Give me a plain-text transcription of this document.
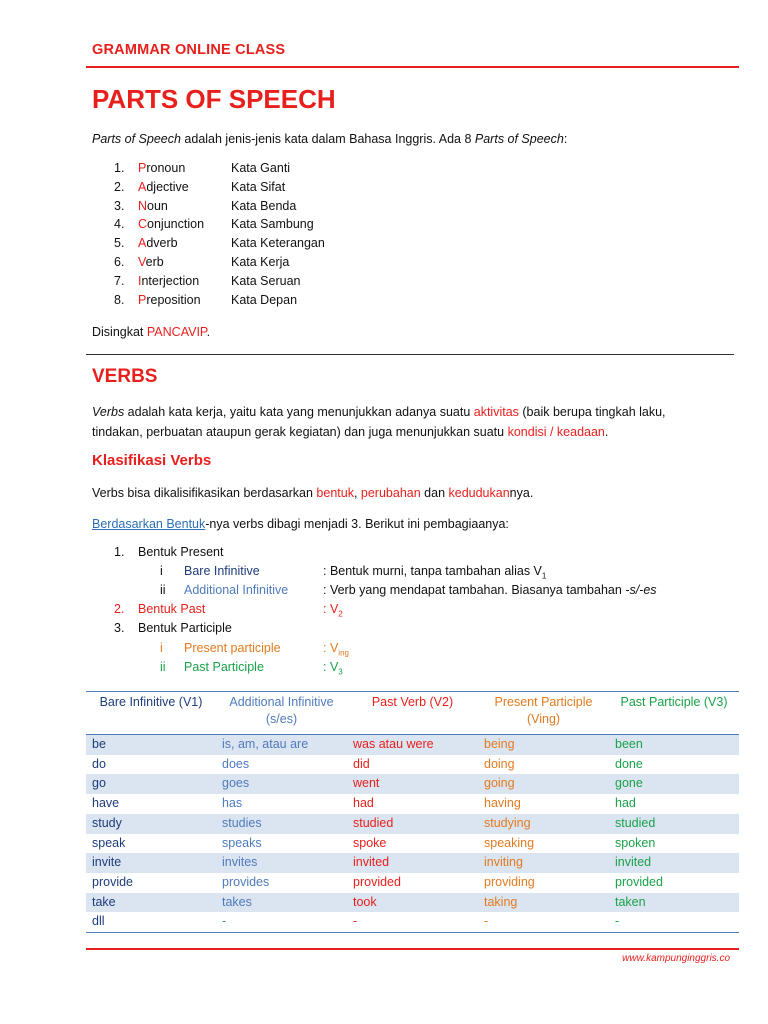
GRAMMAR ONLINE CLASS
PARTS OF SPEECH
Parts of Speech adalah jenis-jenis kata dalam Bahasa Inggris. Ada 8 Parts of Speech:
1.	Pronoun	Kata Ganti
2.	Adjective	Kata Sifat
3.	Noun	Kata Benda
4.	Conjunction Kata Sambung
5.	Adverb	Kata Keterangan
6.	Verb	Kata Kerja
7.	Interjection	Kata Seruan
8.	Preposition Kata Depan
Disingkat PANCAVIP.
VERBS
Verbs adalah kata kerja, yaitu kata yang menunjukkan adanya suatu aktivitas (baik berupa tingkah laku,
tindakan, perbuatan ataupun gerak kegiatan) dan juga menunjukkan suatu kondisi / keadaan.
Klasifikasi Verbs
Verbs bisa dikalisifikasikan berdasarkan bentuk, perubahan dan kedudukannya.
Berdasarkan Bentuk-nya verbs dibagi menjadi 3. Berikut ini pembagiaanya:
1. Bentuk Present
i Bare Infinitive	: Bentuk murni, tanpa tambahan alias $V_1$
ii Additional Infinitive	: Verb yang mendapat tambahan. Biasanya tambahan -s/-es
2. Bentuk Past	: $V_2$
3. Bentuk Participle
i Present participle	: $V_{ing}$
ii Past Participle	: $V_3$
Bare Infinitive (V1)	Additional Infinitive (s/es)	Past Verb (V2)	Present Participle (Ving)	Past Participle (V3)
be	is, am, atau are	was atau were	being	been
do	does	did	doing	done
go	goes	went	going	gone
have	has	had	having	had
study	studies	studied	studying	studied
speak	speaks	spoke	speaking	spoken
invite	invites	invited	inviting	invited
provide	provides	provided	providing	provided
take	takes	took	taking	taken
dll	-	-	-	-
www.kampunginggris.co
